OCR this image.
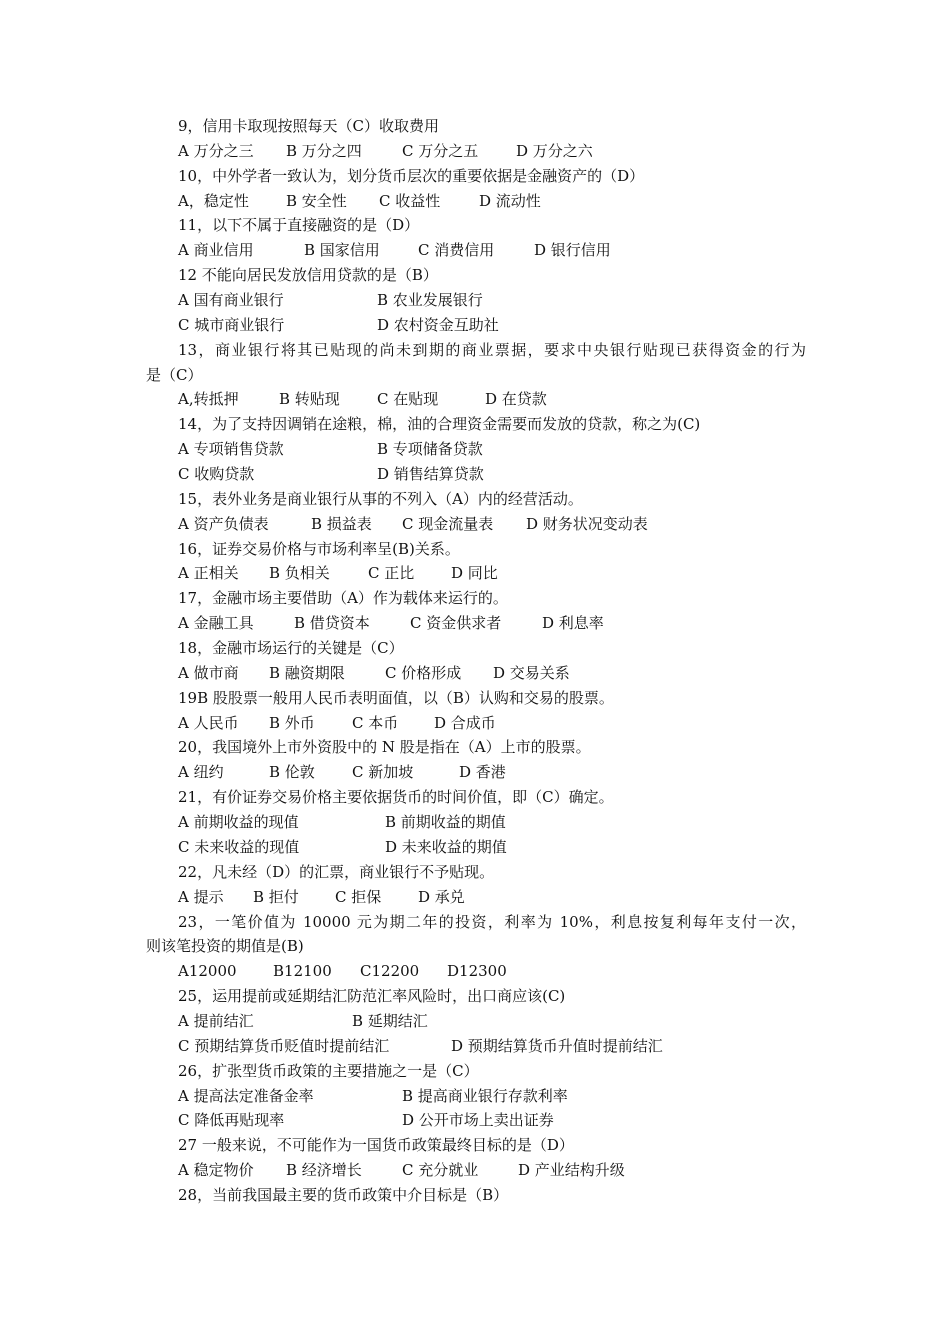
9，信用卡取现按照每天（C）收取费用
A 万分之三 B 万分之四	C 万分之五	D 万分之六
10，中外学者一致认为，划分货币层次的重要依据是金融资产的（D）
A，稳定性 B 安全性 C 收益性	D 流动性
11，以下不属于直接融资的是（D）
A 商业信用	B 国家信用	C 消费信用	D 银行信用
12 不能向居民发放信用贷款的是（B）
A 国有商业银行	B 农业发展银行
C 城市商业银行	D 农村资金互助社
13，商业银行将其已贴现的尚未到期的商业票据，要求中央银行贴现已获得资金的行为
是（C）
A,转抵押	B 转贴现 C 在贴现	D 在贷款
14，为了支持因调销在途粮，棉，油的合理资金需要而发放的贷款，称之为(C)
A 专项销售贷款	B 专项储备贷款
C 收购贷款	D 销售结算贷款
15，表外业务是商业银行从事的不列入（A）内的经营活动。
A 资产负债表	B 损益表 C 现金流量表 D 财务状况变动表
16，证券交易价格与市场利率呈(B)关系。
A 正相关 B 负相关	C 正比 D 同比
17，金融市场主要借助（A）作为载体来运行的。
A 金融工具	B 借贷资本	C 资金供求者	D 利息率
18，金融市场运行的关键是（C）
A 做市商 B 融资期限	C 价格形成 D 交易关系
19B 股股票一般用人民币表明面值，以（B）认购和交易的股票。
A 人民币 B 外币 C 本币 D 合成币
20，我国境外上市外资股中的 N 股是指在（A）上市的股票。
A 纽约	B 伦敦 C 新加坡	D 香港
21，有价证券交易价格主要依据货币的时间价值，即（C）确定。
A 前期收益的现值	B 前期收益的期值
C 未来收益的现值	D 未来收益的期值
22，凡未经（D）的汇票，商业银行不予贴现。
A 提示 B 拒付 C 拒保 D 承兑
23，一笔价值为 10000 元为期二年的投资，利率为 10%，利息按复利每年支付一次，
则该笔投资的期值是(B)
A12000 B12100 C12200 D12300
25，运用提前或延期结汇防范汇率风险时，出口商应该(C)
A 提前结汇	B 延期结汇
C 预期结算货币贬值时提前结汇	D 预期结算货币升值时提前结汇
26，扩张型货币政策的主要措施之一是（C）
A 提高法定准备金率	B 提高商业银行存款利率
C 降低再贴现率	D 公开市场上卖出证券
27 一般来说，不可能作为一国货币政策最终目标的是（D）
A 稳定物价 B 经济增长	C 充分就业	D 产业结构升级
28，当前我国最主要的货币政策中介目标是（B）
